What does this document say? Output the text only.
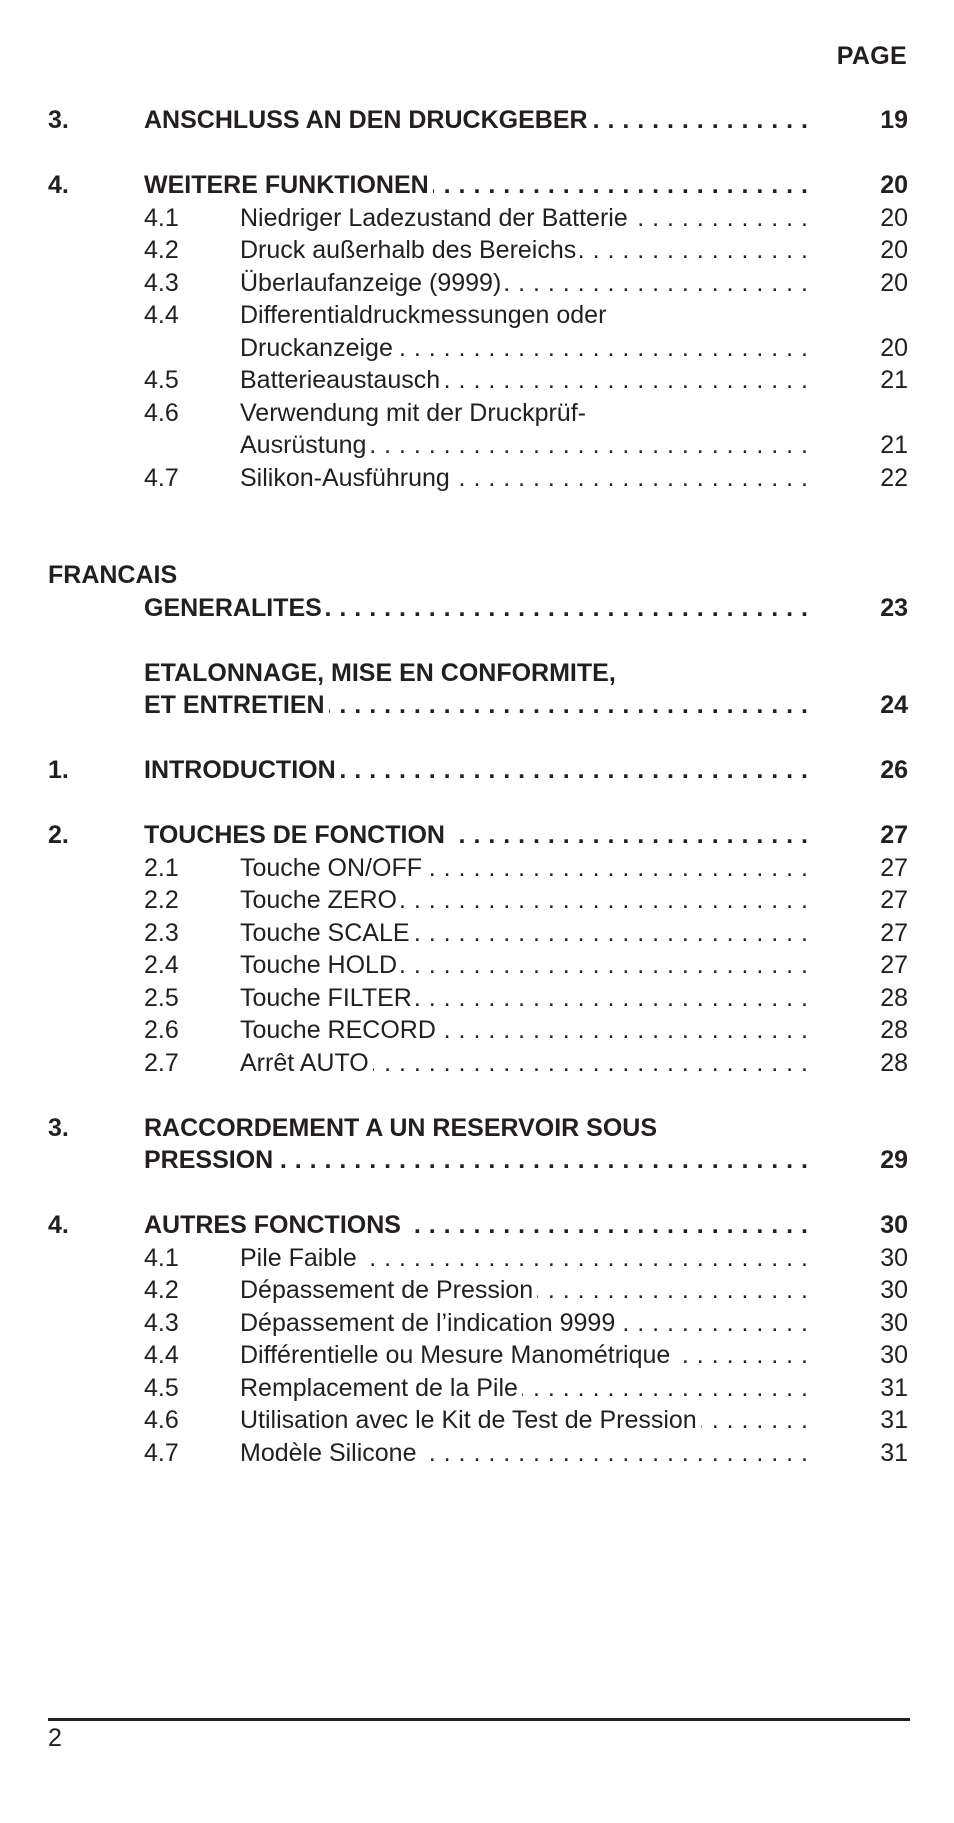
PAGE
3.	ANSCHLUSS AN DEN DRUCKGEBER . . .	19
4.	WEITERE FUNKTIONEN . . .	20
4.1 Niedriger Ladezustand der Batterie . . .	20
4.2 Druck außerhalb des Bereichs . . .	20
4.3 Überlaufanzeige (9999) . . .	20
4.4 Differentialdruckmessungen oder
Druckanzeige . . .	20
4.5 Batterieaustausch . . .	21
4.6 Verwendung mit der Druckprüf-
Ausrüstung . . .	21
4.7 Silikon-Ausführung . . .	22
FRANCAIS
GENERALITES . . .	23
ETALONNAGE, MISE EN CONFORMITE,
ET ENTRETIEN . . .	24
1.	INTRODUCTION . . .	26
2.	TOUCHES DE FONCTION . . .	27
2.1 Touche ON/OFF . . .	27
2.2 Touche ZERO . . .	27
2.3 Touche SCALE . . .	27
2.4 Touche HOLD . . .	27
2.5 Touche FILTER . . .	28
2.6 Touche RECORD . . .	28
2.7 Arrêt AUTO . . .	28
3.	RACCORDEMENT A UN RESERVOIR SOUS
PRESSION . . .	29
4.	AUTRES FONCTIONS . . .	30
4.1 Pile Faible . . .	30
4.2 Dépassement de Pression . . .	30
4.3 Dépassement de l’indication 9999 . . .	30
4.4 Différentielle ou Mesure Manométrique . . .	30
4.5 Remplacement de la Pile . . .	31
4.6 Utilisation avec le Kit de Test de Pression . . .	31
4.7 Modèle Silicone . . .	31
2
